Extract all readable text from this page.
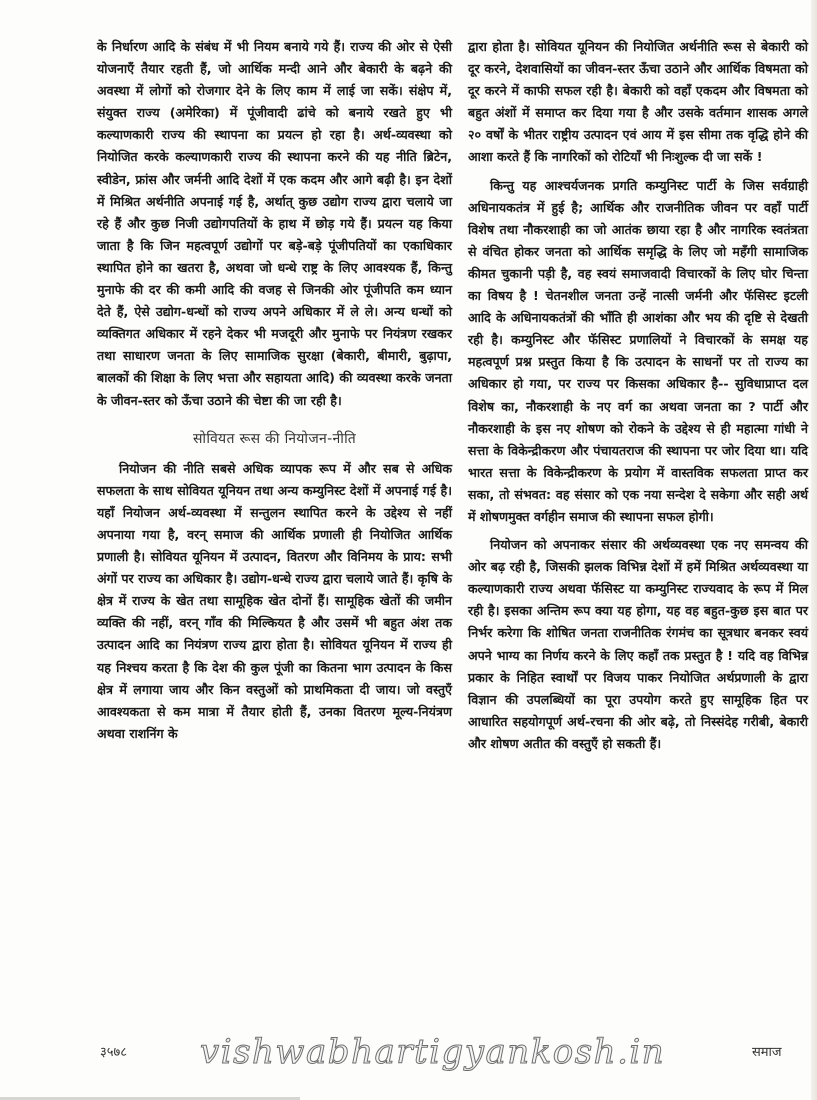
के निर्धारण आदि के संबंध में भी नियम बनाये गये हैं। राज्य की ओर से ऐसी योजनाएँ तैयार रहती हैं, जो आर्थिक मन्दी आने और बेकारी के बढ़ने की अवस्था में लोगों को रोजगार देने के लिए काम में लाई जा सकें। संक्षेप में, संयुक्त राज्य (अमेरिका) में पूंजीवादी ढांचे को बनाये रखते हुए भी कल्याणकारी राज्य की स्थापना का प्रयत्न हो रहा है। अर्थ-व्यवस्था को नियोजित करके कल्याणकारी राज्य की स्थापना करने की यह नीति ब्रिटेन, स्वीडेन, फ्रांस और जर्मनी आदि देशों में एक कदम और आगे बढ़ी है। इन देशों में मिश्रित अर्थनीति अपनाई गई है, अर्थात् कुछ उद्योग राज्य द्वारा चलाये जा रहे हैं और कुछ निजी उद्योगपतियों के हाथ में छोड़ गये हैं। प्रयत्न यह किया जाता है कि जिन महत्वपूर्ण उद्योगों पर बड़े-बड़े पूंजीपतियों का एकाधिकार स्थापित होने का खतरा है, अथवा जो धन्धे राष्ट्र के लिए आवश्यक हैं, किन्तु मुनाफे की दर की कमी आदि की वजह से जिनकी ओर पूंजीपति कम ध्यान देते हैं, ऐसे उद्योग-धन्धों को राज्य अपने अधिकार में ले ले। अन्य धन्धों को व्यक्तिगत अधिकार में रहने देकर भी मजदूरी और मुनाफे पर नियंत्रण रखकर तथा साधारण जनता के लिए सामाजिक सुरक्षा (बेकारी, बीमारी, बुढ़ापा, बालकों की शिक्षा के लिए भत्ता और सहायता आदि) की व्यवस्था करके जनता के जीवन-स्तर को ऊँचा उठाने की चेष्टा की जा रही है।

सोवियत रूस की नियोजन-नीति

नियोजन की नीति सबसे अधिक व्यापक रूप में और सब से अधिक सफलता के साथ सोवियत यूनियन तथा अन्य कम्युनिस्ट देशों में अपनाई गई है। यहाँ नियोजन अर्थ-व्यवस्था में सन्तुलन स्थापित करने के उद्देश्य से नहीं अपनाया गया है, वरन् समाज की आर्थिक प्रणाली ही नियोजित आर्थिक प्रणाली है। सोवियत यूनियन में उत्पादन, वितरण और विनिमय के प्राय: सभी अंगों पर राज्य का अधिकार है। उद्योग-धन्धे राज्य द्वारा चलाये जाते हैं। कृषि के क्षेत्र में राज्य के खेत तथा सामूहिक खेत दोनों हैं। सामूहिक खेतों की जमीन व्यक्ति की नहीं, वरन् गाँव की मिल्कियत है और उसमें भी बहुत अंश तक उत्पादन आदि का नियंत्रण राज्य द्वारा होता है। सोवियत यूनियन में राज्य ही यह निश्चय करता है कि देश की कुल पूंजी का कितना भाग उत्पादन के किस क्षेत्र में लगाया जाय और किन वस्तुओं को प्राथमिकता दी जाय। जो वस्तुएँ आवश्यकता से कम मात्रा में तैयार होती हैं, उनका वितरण मूल्य-नियंत्रण अथवा राशनिंग के

द्वारा होता है। सोवियत यूनियन की नियोजित अर्थनीति रूस से बेकारी को दूर करने, देशवासियों का जीवन-स्तर ऊँचा उठाने और आर्थिक विषमता को दूर करने में काफी सफल रही है। बेकारी को वहाँ एकदम और विषमता को बहुत अंशों में समाप्त कर दिया गया है और उसके वर्तमान शासक अगले २० वर्षों के भीतर राष्ट्रीय उत्पादन एवं आय में इस सीमा तक वृद्धि होने की आशा करते हैं कि नागरिकों को रोटियाँ भी निःशुल्क दी जा सकें !

किन्तु यह आश्चर्यजनक प्रगति कम्युनिस्ट पार्टी के जिस सर्वग्राही अधिनायकतंत्र में हुई है; आर्थिक और राजनीतिक जीवन पर वहाँ पार्टी विशेष तथा नौकरशाही का जो आतंक छाया रहा है और नागरिक स्वतंत्रता से वंचित होकर जनता को आर्थिक समृद्धि के लिए जो महँगी सामाजिक कीमत चुकानी पड़ी है, वह स्वयं समाजवादी विचारकों के लिए घोर चिन्ता का विषय है ! चेतनशील जनता उन्हें नात्सी जर्मनी और फॅसिस्ट इटली आदि के अधिनायकतंत्रों की भाँति ही आशंका और भय की दृष्टि से देखती रही है। कम्युनिस्ट और फॅसिस्ट प्रणालियों ने विचारकों के समक्ष यह महत्वपूर्ण प्रश्न प्रस्तुत किया है कि उत्पादन के साधनों पर तो राज्य का अधिकार हो गया, पर राज्य पर किसका अधिकार है-- सुविधाप्राप्त दल विशेष का, नौकरशाही के नए वर्ग का अथवा जनता का ? पार्टी और नौकरशाही के इस नए शोषण को रोकने के उद्देश्य से ही महात्मा गांधी ने सत्ता के विकेन्द्रीकरण और पंचायतराज की स्थापना पर जोर दिया था। यदि भारत सत्ता के विकेन्द्रीकरण के प्रयोग में वास्तविक सफलता प्राप्त कर सका, तो संभवत: वह संसार को एक नया सन्देश दे सकेगा और सही अर्थ में शोषणमुक्त वर्गहीन समाज की स्थापना सफल होगी।

नियोजन को अपनाकर संसार की अर्थव्यवस्था एक नए समन्वय की ओर बढ़ रही है, जिसकी झलक विभिन्न देशों में हमें मिश्रित अर्थव्यवस्था या कल्याणकारी राज्य अथवा फॅसिस्ट या कम्युनिस्ट राज्यवाद के रूप में मिल रही है। इसका अन्तिम रूप क्या यह होगा, यह वह बहुत-कुछ इस बात पर निर्भर करेगा कि शोषित जनता राजनीतिक रंगमंच का सूत्रधार बनकर स्वयं अपने भाग्य का निर्णय करने के लिए कहाँ तक प्रस्तुत है ! यदि वह विभिन्न प्रकार के निहित स्वार्थों पर विजय पाकर नियोजित अर्थप्रणाली के द्वारा विज्ञान की उपलब्धियों का पूरा उपयोग करते हुए सामूहिक हित पर आधारित सहयोगपूर्ण अर्थ-रचना की ओर बढ़े, तो निस्संदेह गरीबी, बेकारी और शोषण अतीत की वस्तुएँ हो सकती हैं।

३५७८ vishwabhartigyankosh.in	समाज
